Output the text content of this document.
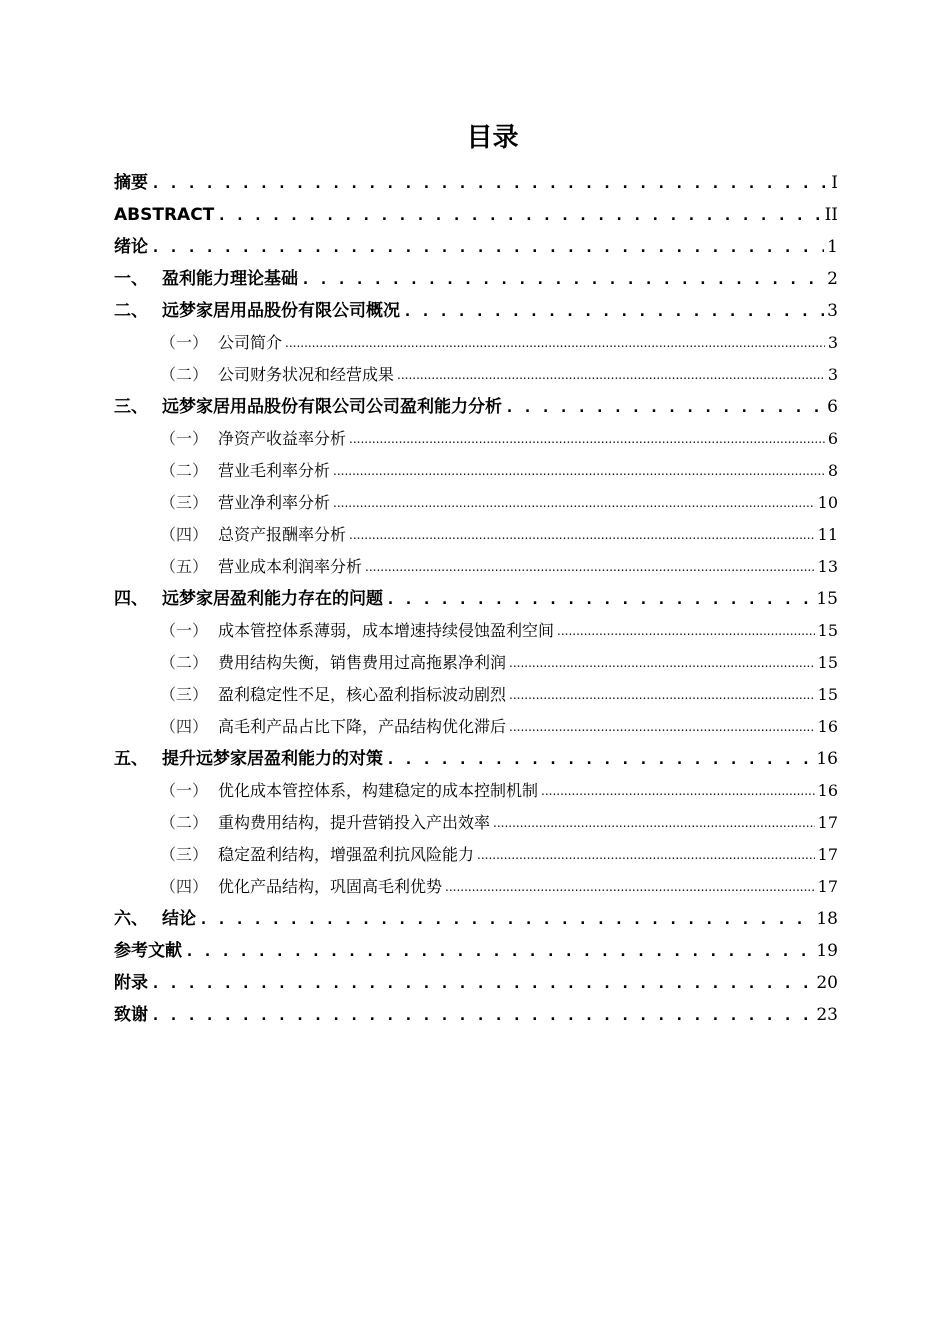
目录
摘要 . . .	I
ABSTRACT . . .	II
绪论 . . .	1
一、 盈利能力理论基础 . . .	2
二、 远梦家居用品股份有限公司概况 . . .	3
（一） 公司简介 .....	3
（二） 公司财务状况和经营成果 .....	3
三、 远梦家居用品股份有限公司公司盈利能力分析 . . .	6
（一） 净资产收益率分析 .....	6
（二） 营业毛利率分析 .....	8
（三） 营业净利率分析 .....	10
（四） 总资产报酬率分析 .....	11
（五） 营业成本利润率分析 .....	13
四、 远梦家居盈利能力存在的问题 . . .	15
（一） 成本管控体系薄弱，成本增速持续侵蚀盈利空间 .....	15
（二） 费用结构失衡，销售费用过高拖累净利润 .....	15
（三） 盈利稳定性不足，核心盈利指标波动剧烈 .....	15
（四） 高毛利产品占比下降，产品结构优化滞后 .....	16
五、 提升远梦家居盈利能力的对策 . . .	16
（一） 优化成本管控体系，构建稳定的成本控制机制 .....	16
（二） 重构费用结构，提升营销投入产出效率 .....	17
（三） 稳定盈利结构，增强盈利抗风险能力 .....	17
（四） 优化产品结构，巩固高毛利优势 .....	17
六、 结论 . . .	18
参考文献 . . .	19
附录 . . .	20
致谢 . . .	23
